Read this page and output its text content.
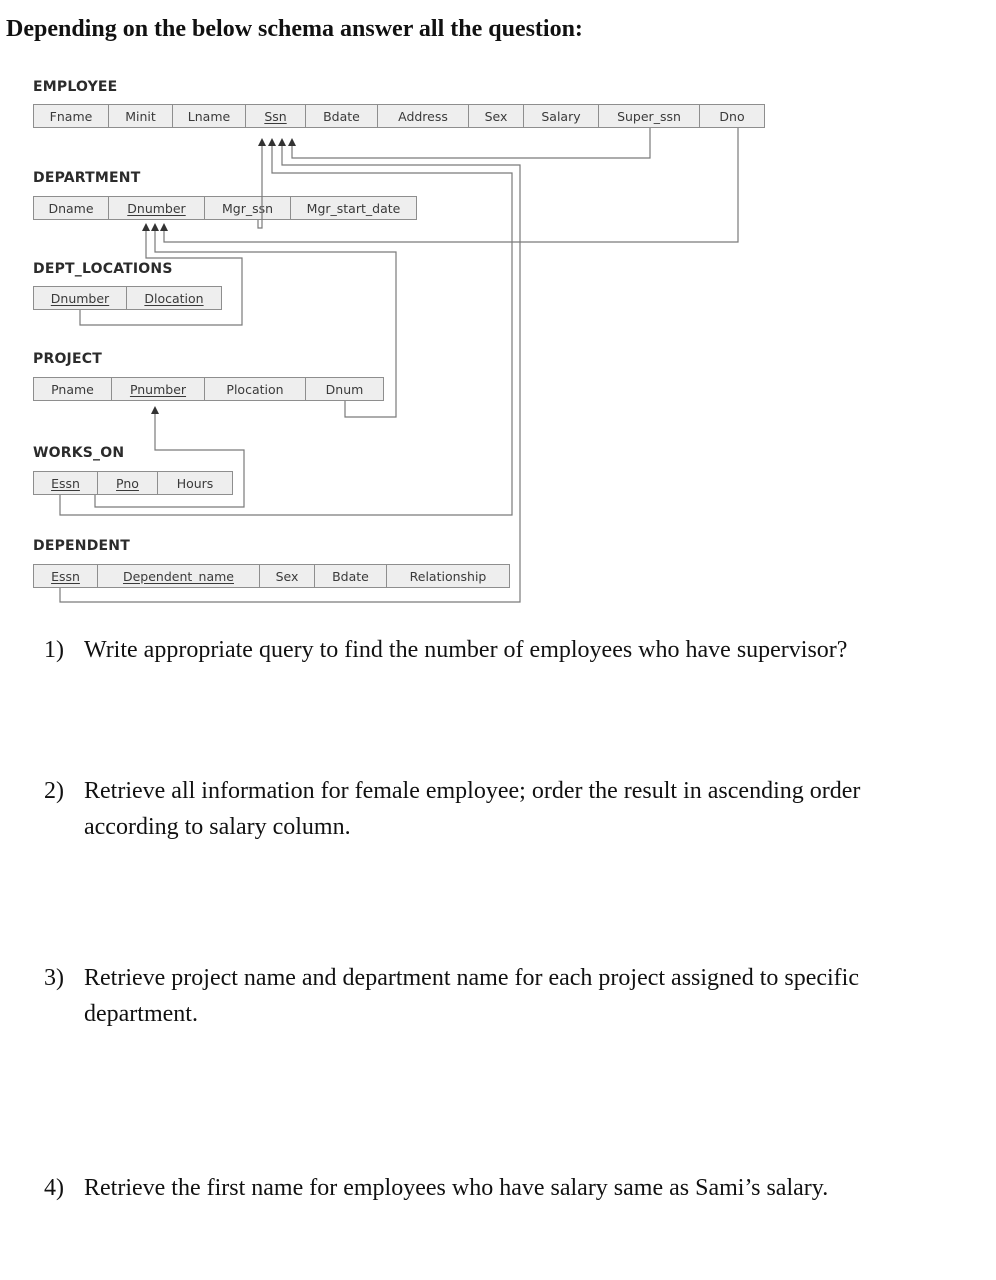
Depending on the below schema answer all the question:
EMPLOYEE
Fname	Minit	Lname	Ssn	Bdate	Address	Sex	Salary	Super_ssn	Dno
DEPARTMENT
Dname	Dnumber	Mgr_ssn	Mgr_start_date
DEPT_LOCATIONS
Dnumber	Dlocation
PROJECT
Pname	Pnumber	Plocation	Dnum
WORKS_ON
Essn	Pno	Hours
DEPENDENT
Essn	Dependent_name	Sex	Bdate	Relationship
1) Write appropriate query to find the number of employees who have supervisor?
2) Retrieve all information for female employee; order the result in ascending order
according to salary column.
3) Retrieve project name and department name for each project assigned to specific
department.
4) Retrieve the first name for employees who have salary same as Sami’s salary.
